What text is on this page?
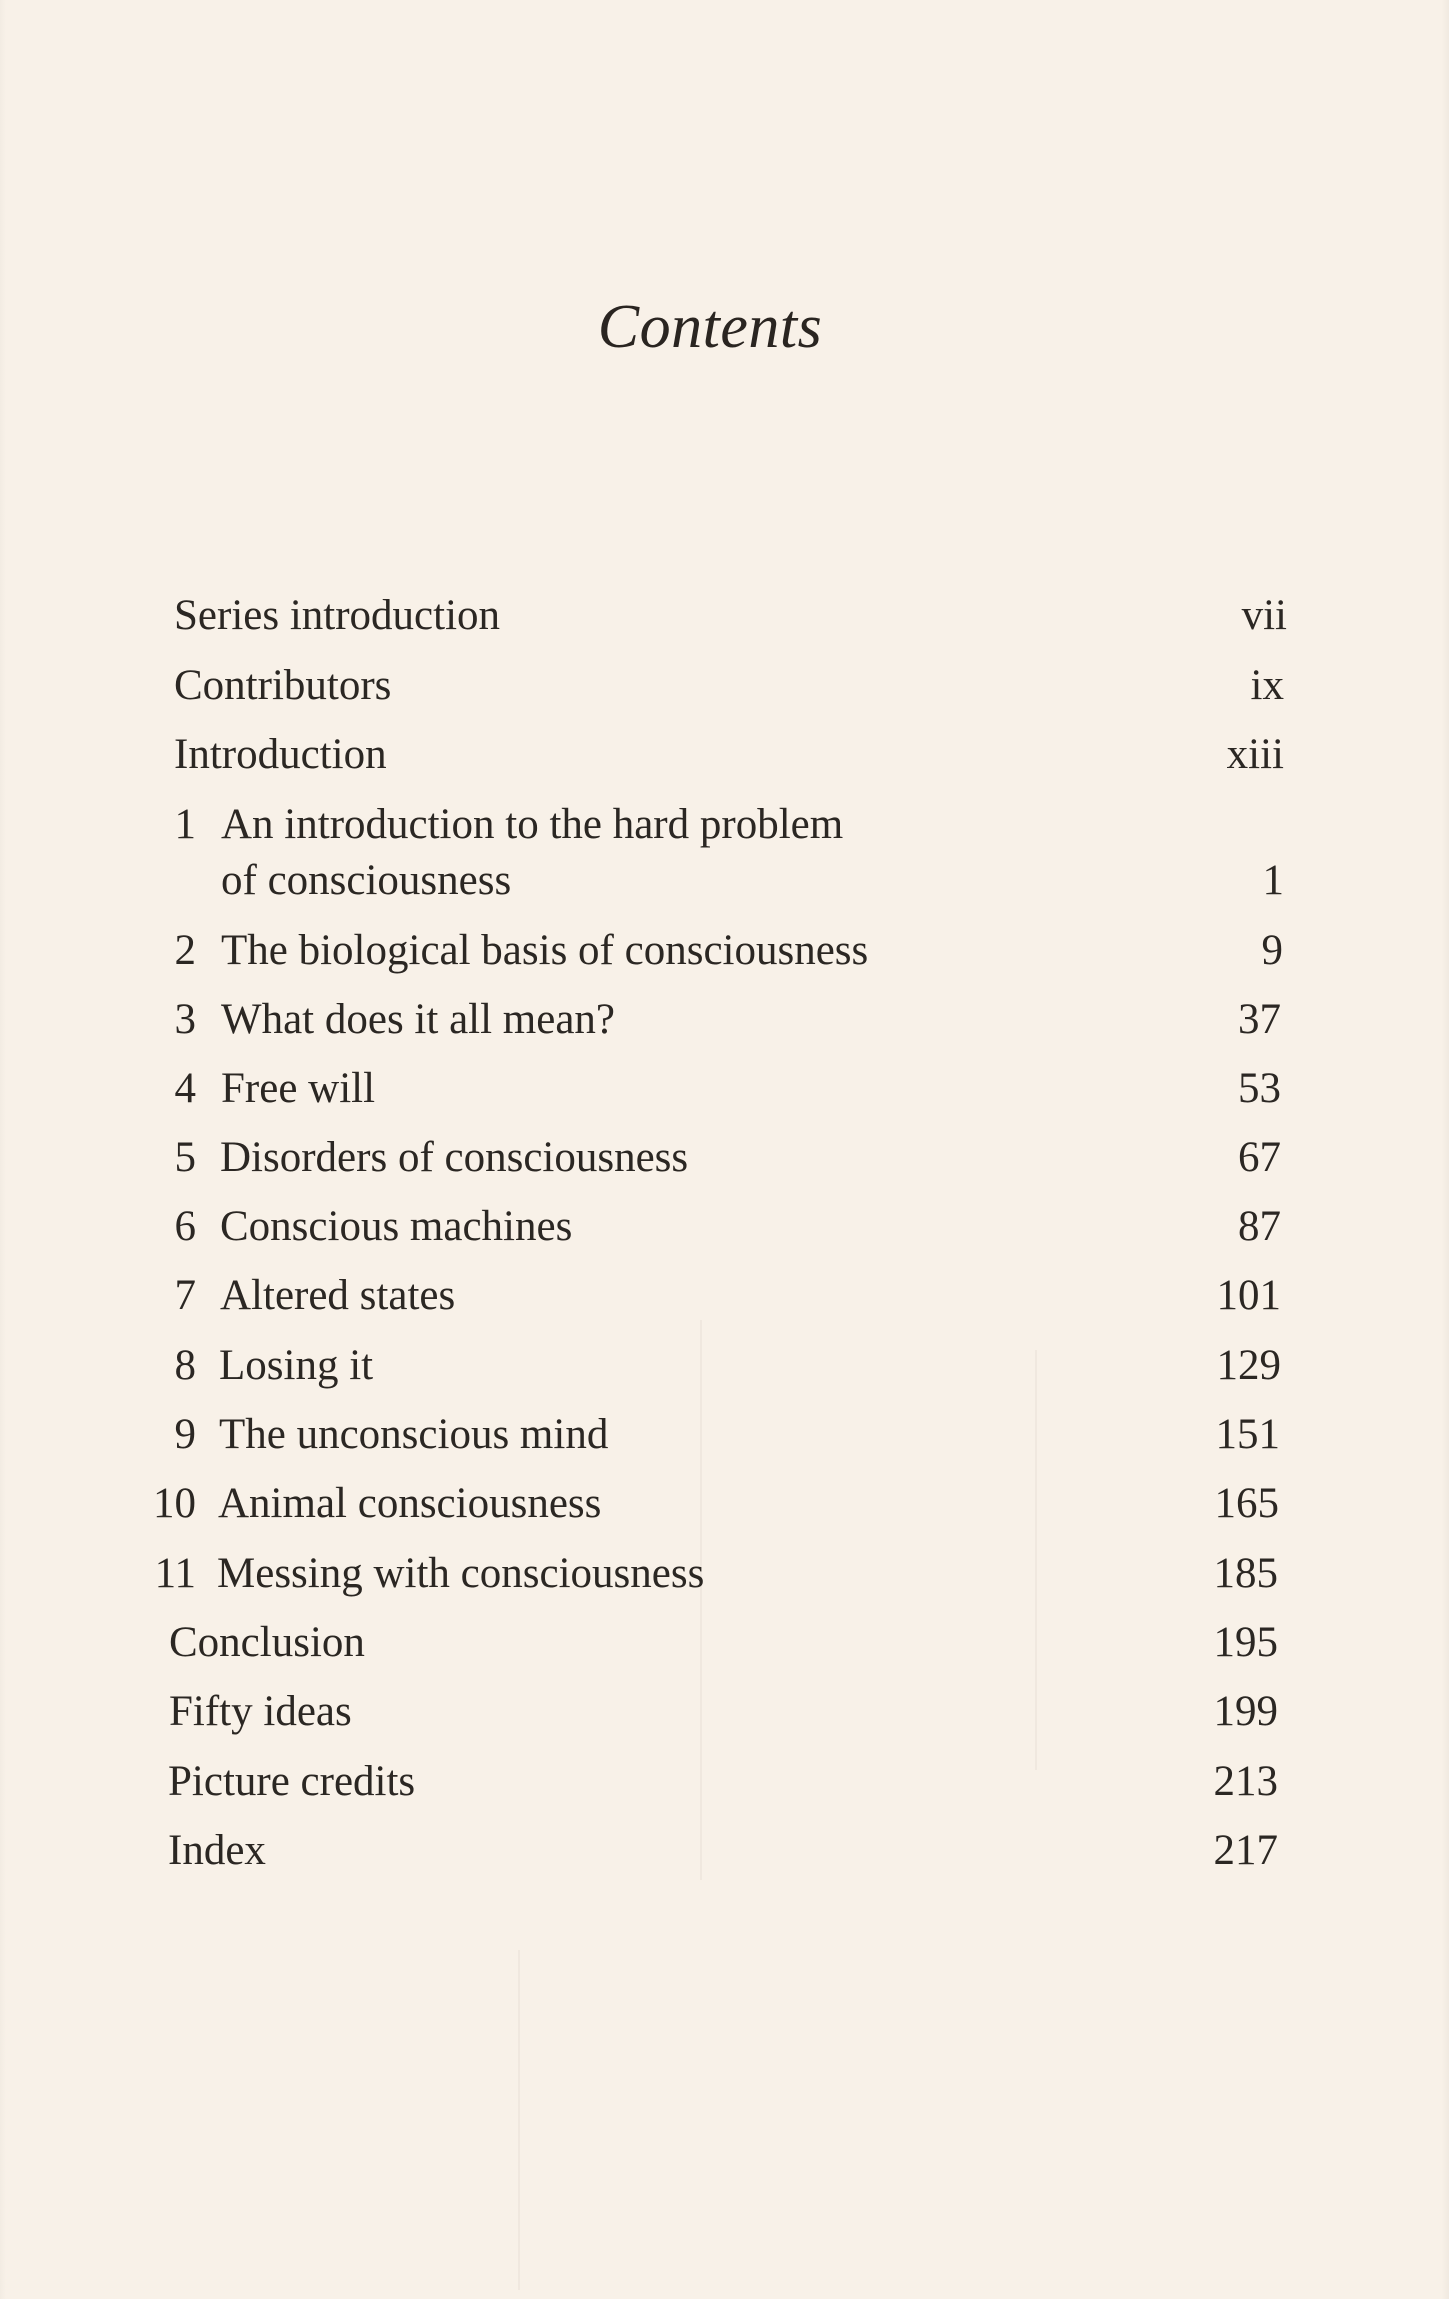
Contents
Series introduction	vii
Contributors	ix
Introduction	xiii
1 An introduction to the hard problem
of consciousness	1
2 The biological basis of consciousness	9
3 What does it all mean?	37
4 Free will	53
5 Disorders of consciousness	67
6 Conscious machines	87
7 Altered states	101
8 Losing it	129
9 The unconscious mind	151
10 Animal consciousness	165
11 Messing with consciousness	185
Conclusion	195
Fifty ideas	199
Picture credits	213
Index	217
